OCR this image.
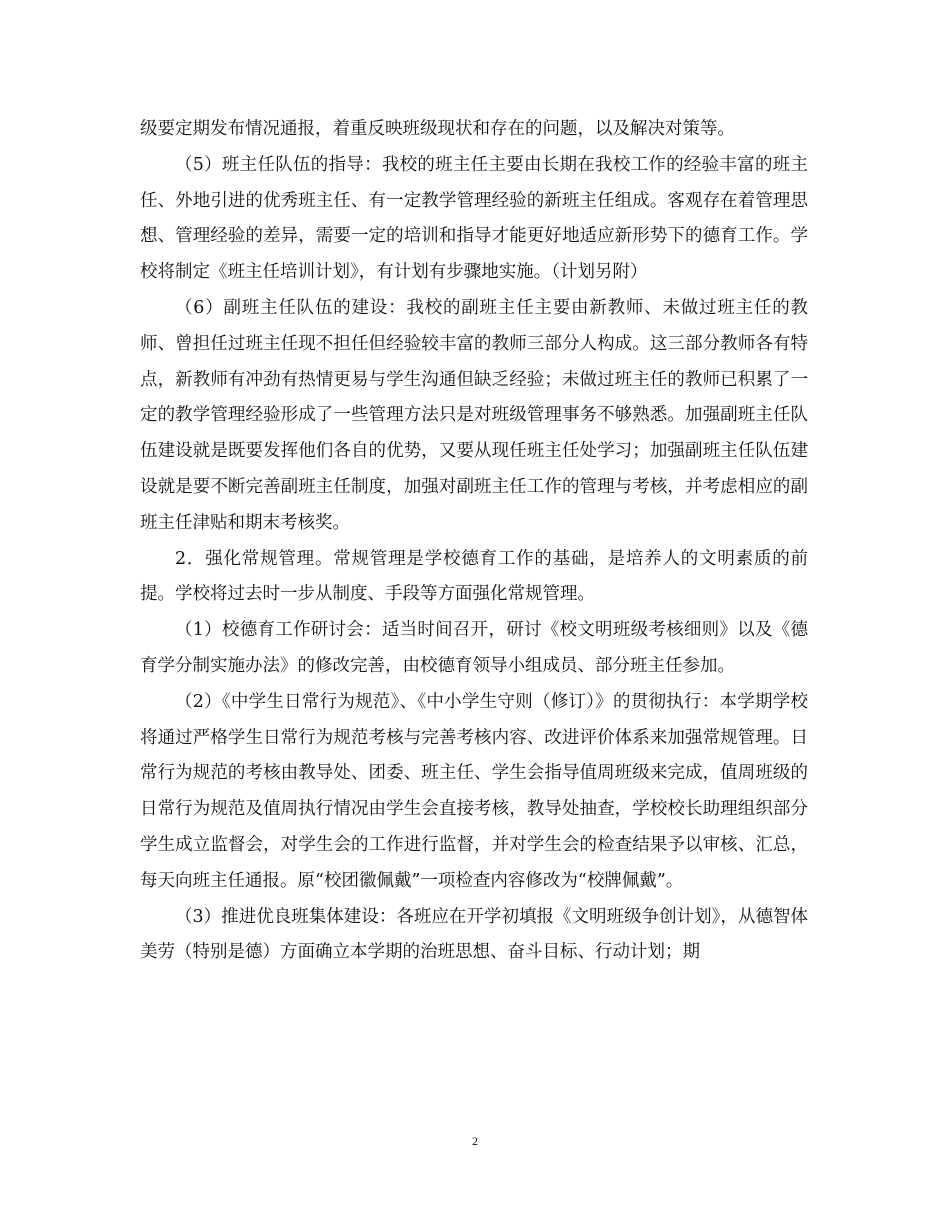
级要定期发布情况通报，着重反映班级现状和存在的问题，以及解决对策等。

（5）班主任队伍的指导：我校的班主任主要由长期在我校工作的经验丰富的班主任、外地引进的优秀班主任、有一定教学管理经验的新班主任组成。客观存在着管理思想、管理经验的差异，需要一定的培训和指导才能更好地适应新形势下的德育工作。学校将制定《班主任培训计划》，有计划有步骤地实施。（计划另附）

（6）副班主任队伍的建设：我校的副班主任主要由新教师、未做过班主任的教师、曾担任过班主任现不担任但经验较丰富的教师三部分人构成。这三部分教师各有特点，新教师有冲劲有热情更易与学生沟通但缺乏经验；未做过班主任的教师已积累了一定的教学管理经验形成了一些管理方法只是对班级管理事务不够熟悉。加强副班主任队伍建设就是既要发挥他们各自的优势，又要从现任班主任处学习；加强副班主任队伍建设就是要不断完善副班主任制度，加强对副班主任工作的管理与考核，并考虑相应的副班主任津贴和期末考核奖。

2．强化常规管理。常规管理是学校德育工作的基础，是培养人的文明素质的前提。学校将过去时一步从制度、手段等方面强化常规管理。

（1）校德育工作研讨会：适当时间召开，研讨《校文明班级考核细则》以及《德育学分制实施办法》的修改完善，由校德育领导小组成员、部分班主任参加。

（2）《中学生日常行为规范》、《中小学生守则（修订）》的贯彻执行：本学期学校将通过严格学生日常行为规范考核与完善考核内容、改进评价体系来加强常规管理。日常行为规范的考核由教导处、团委、班主任、学生会指导值周班级来完成，值周班级的日常行为规范及值周执行情况由学生会直接考核，教导处抽查，学校校长助理组织部分学生成立监督会，对学生会的工作进行监督，并对学生会的检查结果予以审核、汇总，每天向班主任通报。原“校团徽佩戴”一项检查内容修改为“校牌佩戴”。

（3）推进优良班集体建设：各班应在开学初填报《文明班级争创计划》，从德智体美劳（特别是德）方面确立本学期的治班思想、奋斗目标、行动计划；期

2
